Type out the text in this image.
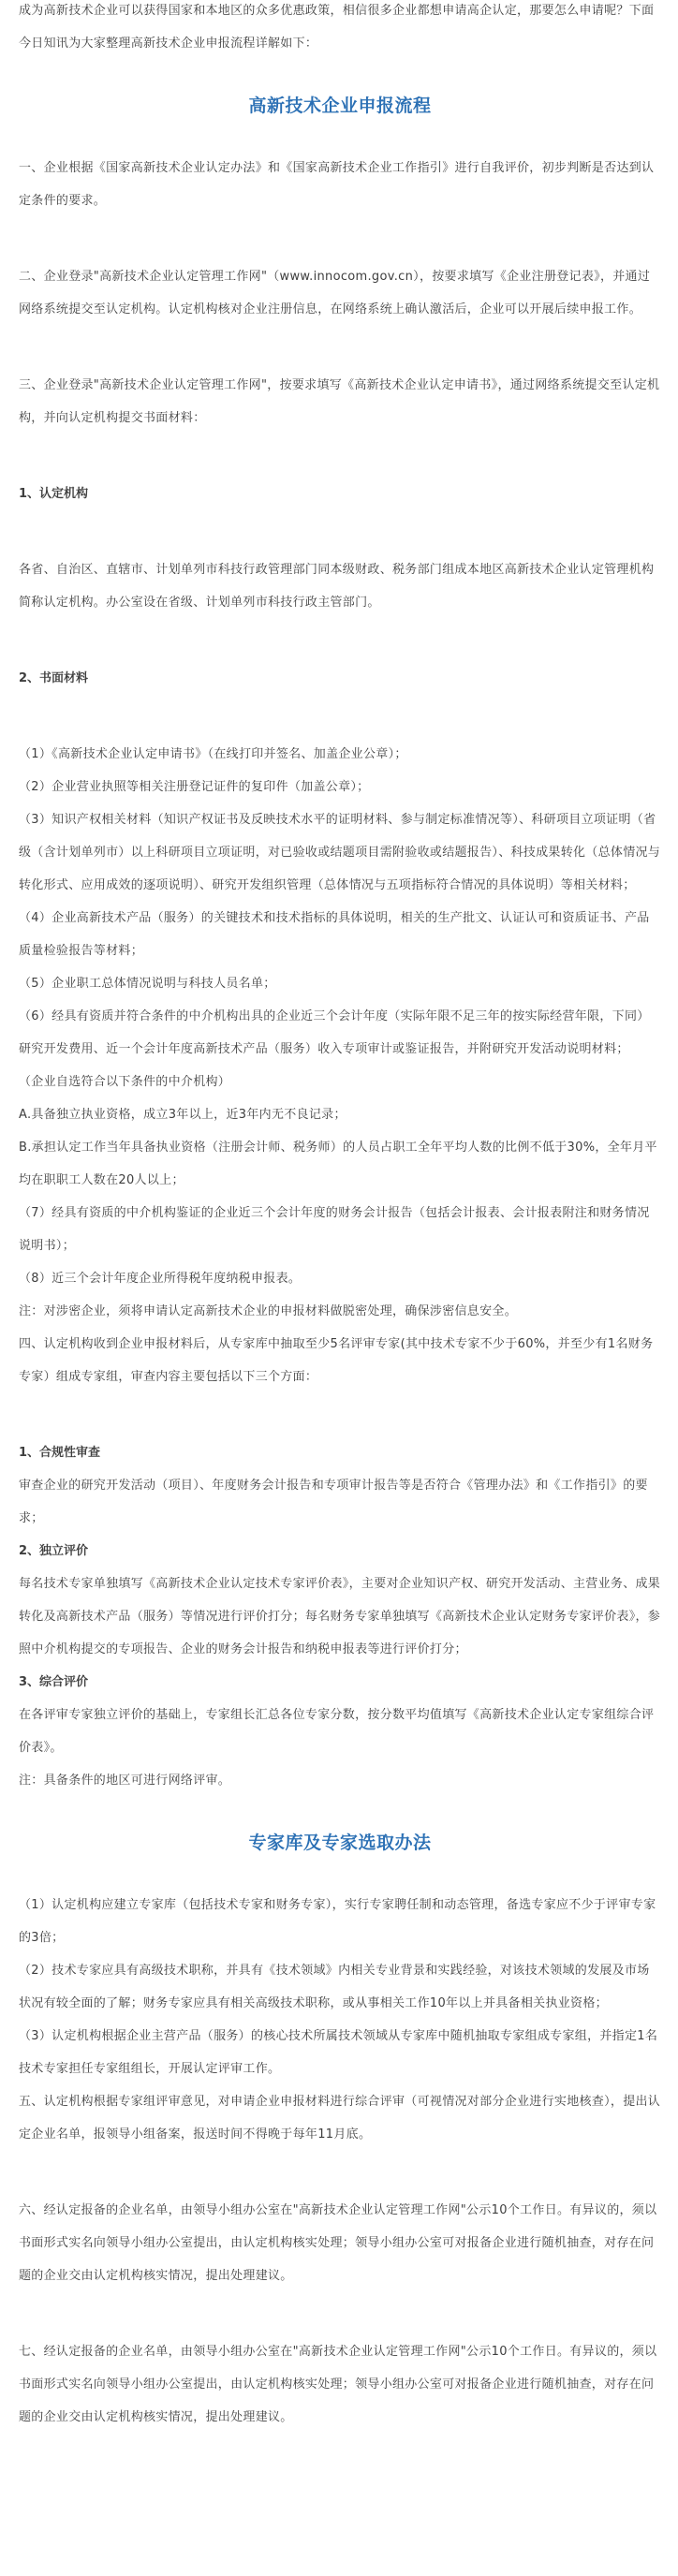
成为高新技术企业可以获得国家和本地区的众多优惠政策，相信很多企业都想申请高企认定，那要怎么申请呢？下面今日知讯为大家整理高新技术企业申报流程详解如下：

高新技术企业申报流程

一、企业根据《国家高新技术企业认定办法》和《国家高新技术企业工作指引》进行自我评价，初步判断是否达到认定条件的要求。

二、企业登录"高新技术企业认定管理工作网"（www.innocom.gov.cn），按要求填写《企业注册登记表》，并通过网络系统提交至认定机构。认定机构核对企业注册信息，在网络系统上确认激活后，企业可以开展后续申报工作。

三、企业登录"高新技术企业认定管理工作网"，按要求填写《高新技术企业认定申请书》，通过网络系统提交至认定机构，并向认定机构提交书面材料：

1、认定机构

各省、自治区、直辖市、计划单列市科技行政管理部门同本级财政、税务部门组成本地区高新技术企业认定管理机构简称认定机构。办公室设在省级、计划单列市科技行政主管部门。

2、书面材料

（1）《高新技术企业认定申请书》（在线打印并签名、加盖企业公章）；

（2）企业营业执照等相关注册登记证件的复印件（加盖公章）；

（3）知识产权相关材料（知识产权证书及反映技术水平的证明材料、参与制定标准情况等）、科研项目立项证明（省级（含计划单列市）以上科研项目立项证明，对已验收或结题项目需附验收或结题报告）、科技成果转化（总体情况与转化形式、应用成效的逐项说明）、研究开发组织管理（总体情况与五项指标符合情况的具体说明）等相关材料；

（4）企业高新技术产品（服务）的关键技术和技术指标的具体说明，相关的生产批文、认证认可和资质证书、产品质量检验报告等材料；

（5）企业职工总体情况说明与科技人员名单；

（6）经具有资质并符合条件的中介机构出具的企业近三个会计年度（实际年限不足三年的按实际经营年限，下同）研究开发费用、近一个会计年度高新技术产品（服务）收入专项审计或鉴证报告，并附研究开发活动说明材料；

（企业自选符合以下条件的中介机构）

A.具备独立执业资格，成立3年以上，近3年内无不良记录；

B.承担认定工作当年具备执业资格（注册会计师、税务师）的人员占职工全年平均人数的比例不低于30%，全年月平均在职职工人数在20人以上；

（7）经具有资质的中介机构鉴证的企业近三个会计年度的财务会计报告（包括会计报表、会计报表附注和财务情况说明书）；

（8）近三个会计年度企业所得税年度纳税申报表。

注：对涉密企业，须将申请认定高新技术企业的申报材料做脱密处理，确保涉密信息安全。

四、认定机构收到企业申报材料后，从专家库中抽取至少5名评审专家(其中技术专家不少于60%，并至少有1名财务专家）组成专家组，审查内容主要包括以下三个方面：

1、合规性审查

审查企业的研究开发活动（项目）、年度财务会计报告和专项审计报告等是否符合《管理办法》和《工作指引》的要求；

2、独立评价

每名技术专家单独填写《高新技术企业认定技术专家评价表》，主要对企业知识产权、研究开发活动、主营业务、成果转化及高新技术产品（服务）等情况进行评价打分；每名财务专家单独填写《高新技术企业认定财务专家评价表》，参照中介机构提交的专项报告、企业的财务会计报告和纳税申报表等进行评价打分；

3、综合评价

在各评审专家独立评价的基础上，专家组长汇总各位专家分数，按分数平均值填写《高新技术企业认定专家组综合评价表》。

注：具备条件的地区可进行网络评审。

专家库及专家选取办法

（1）认定机构应建立专家库（包括技术专家和财务专家），实行专家聘任制和动态管理，备选专家应不少于评审专家的3倍；

（2）技术专家应具有高级技术职称，并具有《技术领域》内相关专业背景和实践经验，对该技术领域的发展及市场状况有较全面的了解；财务专家应具有相关高级技术职称，或从事相关工作10年以上并具备相关执业资格；

（3）认定机构根据企业主营产品（服务）的核心技术所属技术领域从专家库中随机抽取专家组成专家组，并指定1名技术专家担任专家组组长，开展认定评审工作。

五、认定机构根据专家组评审意见，对申请企业申报材料进行综合评审（可视情况对部分企业进行实地核查），提出认定企业名单，报领导小组备案，报送时间不得晚于每年11月底。

六、经认定报备的企业名单，由领导小组办公室在"高新技术企业认定管理工作网"公示10个工作日。有异议的，须以书面形式实名向领导小组办公室提出，由认定机构核实处理；领导小组办公室可对报备企业进行随机抽查，对存在问题的企业交由认定机构核实情况，提出处理建议。

七、经认定报备的企业名单，由领导小组办公室在"高新技术企业认定管理工作网"公示10个工作日。有异议的，须以书面形式实名向领导小组办公室提出，由认定机构核实处理；领导小组办公室可对报备企业进行随机抽查，对存在问题的企业交由认定机构核实情况，提出处理建议。
